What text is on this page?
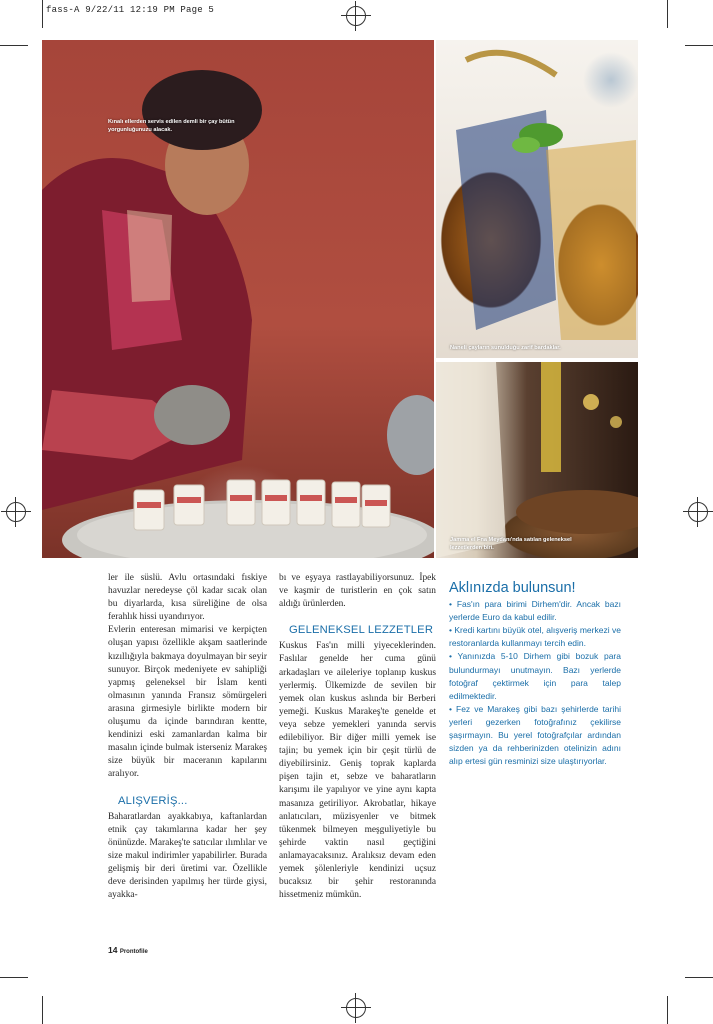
fass-A 9/22/11 12:19 PM Page 5
Kınalı ellerden servis edilen demli bir çay bütün yorgunluğunuzu alacak.
Naneli çayların sunulduğu zarif bardaklar.
Jamma el Fna Meydanı'nda satılan geleneksel lezzetlerden biri.

ler ile süslü. Avlu ortasındaki fıskiye havuzlar neredeyse çöl kadar sıcak olan bu diyarlarda, kısa süreliğine de olsa ferahlık hissi uyandırıyor.

Evlerin enteresan mimarisi ve kerpiçten oluşan yapısı özellikle akşam saatlerinde kızıllığıyla bakmaya doyulmayan bir seyir sunuyor. Birçok medeniyete ev sahipliği yapmış geleneksel bir İslam kenti olmasının yanında Fransız sömürgeleri arasına girmesiyle birlikte modern bir oluşumu da içinde barındıran kentte, kendinizi eski zamanlardan kalma bir masalın içinde bulmak isterseniz Marakeş size büyük bir maceranın kapılarını aralıyor.

ALIŞVERİŞ...

Baharatlardan ayakkabıya, kaftanlardan etnik çay takımlarına kadar her şey önünüzde. Marakeş'te satıcılar ılımlılar ve size makul indirimler yapabilirler. Burada gelişmiş bir deri üretimi var. Özellikle deve derisinden yapılmış her türde giysi, ayakka-

bı ve eşyaya rastlayabiliyorsunuz. İpek ve kaşmir de turistlerin en çok satın aldığı ürünlerden.

GELENEKSEL LEZZETLER

Kuskus Fas'ın milli yiyeceklerinden. Faslılar genelde her cuma günü arkadaşları ve aileleriye toplanıp kuskus yerlermiş. Ülkemizde de sevilen bir yemek olan kuskus aslında bir Berberi yemeği. Kuskus Marakeş'te genelde et veya sebze yemekleri yanında servis edilebiliyor. Bir diğer milli yemek ise tajin; bu yemek için bir çeşit türlü de diyebilirsiniz. Geniş toprak kaplarda pişen tajin et, sebze ve baharatların karışımı ile yapılıyor ve yine aynı kapta masanıza getiriliyor. Akrobatlar, hikaye anlatıcıları, müzisyenler ve bitmek tükenmek bilmeyen meşguliyetiyle bu şehirde vaktin nasıl geçtiğini anlamayacaksınız. Aralıksız devam eden yemek şölenleriyle kendinizi uçsuz bucaksız bir şehir restoranında hissetmeniz mümkün.

Aklınızda bulunsun!
• Fas'ın para birimi Dirhem'dir. Ancak bazı yerlerde Euro da kabul edilir.
• Kredi kartını büyük otel, alışveriş merkezi ve restoranlarda kullanmayı tercih edin.
• Yanınızda 5-10 Dirhem gibi bozuk para bulundurmayı unutmayın. Bazı yerlerde fotoğraf çektirmek için para talep edilmektedir.
• Fez ve Marakeş gibi bazı şehirlerde tarihi yerleri gezerken fotoğrafınız çekilirse şaşırmayın. Bu yerel fotoğrafçılar ardından sizden ya da rehberinizden otelinizin adını alıp ertesi gün resminizi size ulaştırıyorlar.
14 Prontofile
